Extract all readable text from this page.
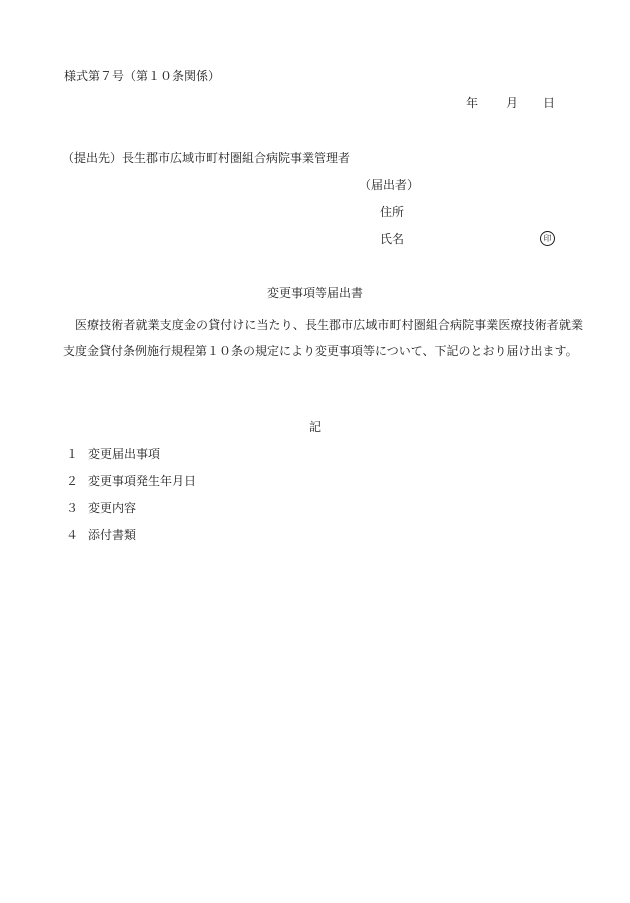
様式第７号（第１０条関係）
年 月 日
（提出先）長生郡市広域市町村圏組合病院事業管理者
（届出者）
住所
氏名	印
変更事項等届出書

医療技術者就業支度金の貸付けに当たり、長生郡市広域市町村圏組合病院事業医療技術者就業支度金貸付条例施行規程第１０条の規定により変更事項等について、下記のとおり届け出ます。

記
１ 変更届出事項
２ 変更事項発生年月日
３ 変更内容
４ 添付書類
